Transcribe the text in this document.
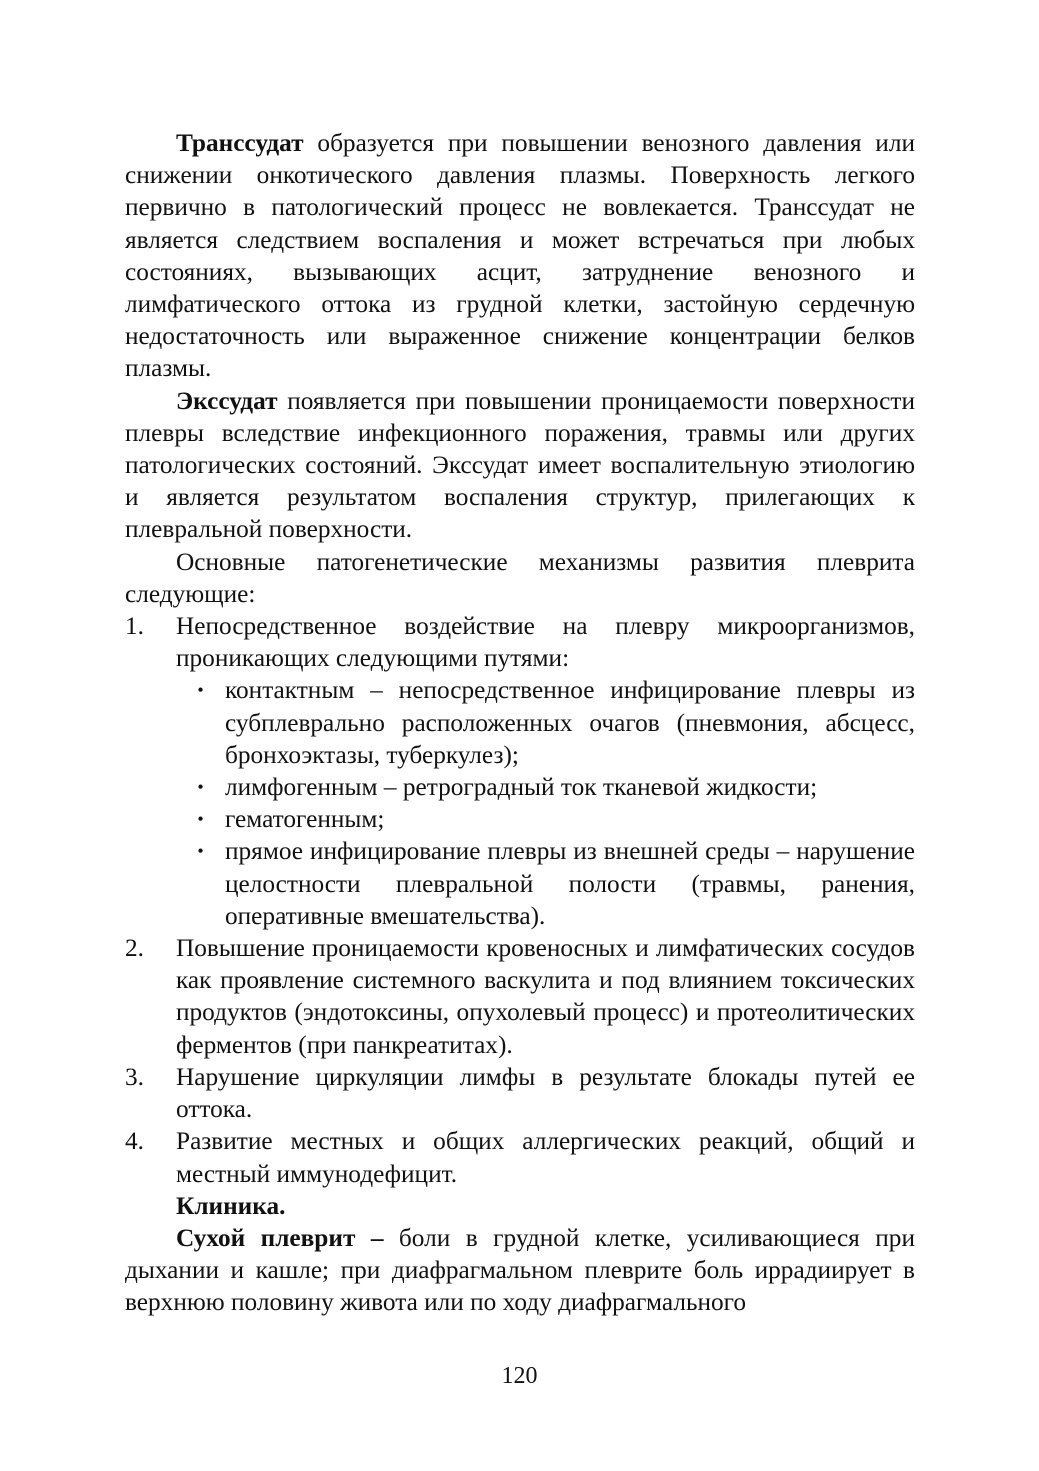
Транссудат образуется при повышении венозного давления или снижении онкотического давления плазмы. Поверхность легкого первично в патологический процесс не вовлекается. Транссудат не является следствием воспаления и может встречаться при любых состояниях, вызывающих асцит, затруднение венозного и лимфатического оттока из грудной клетки, застойную сердечную недостаточность или выраженное снижение концентрации белков плазмы.

Экссудат появляется при повышении проницаемости поверхности плевры вследствие инфекционного поражения, травмы или других патологических состояний. Экссудат имеет воспалительную этиологию и является результатом воспаления структур, прилегающих к плевральной поверхности.

Основные патогенетические механизмы развития плеврита следующие:

1. Непосредственное воздействие на плевру микроорганизмов, проникающих следующими путями:
• контактным – непосредственное инфицирование плевры из субплеврально расположенных очагов (пневмония, абсцесс, бронхоэктазы, туберкулез);
• лимфогенным – ретроградный ток тканевой жидкости;
• гематогенным;
• прямое инфицирование плевры из внешней среды – нарушение целостности плевральной полости (травмы, ранения, оперативные вмешательства).
2. Повышение проницаемости кровеносных и лимфатических сосудов как проявление системного васкулита и под влиянием токсических продуктов (эндотоксины, опухолевый процесс) и протеолитических ферментов (при панкреатитах).
3. Нарушение циркуляции лимфы в результате блокады путей ее оттока.
4. Развитие местных и общих аллергических реакций, общий и местный иммунодефицит.

Клиника.

Сухой плеврит – боли в грудной клетке, усиливающиеся при дыхании и кашле; при диафрагмальном плеврите боль иррадиирует в верхнюю половину живота или по ходу диафрагмального

120
